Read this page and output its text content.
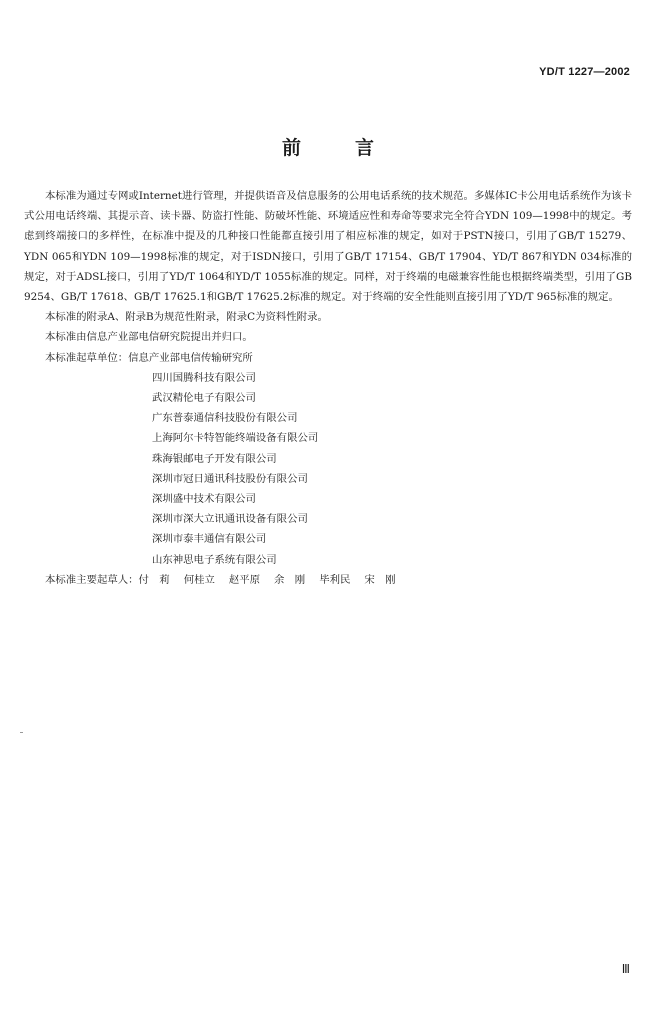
YD/T 1227—2002
前言

本标准为通过专网或Internet进行管理，并提供语音及信息服务的公用电话系统的技术规范。多媒体IC卡公用电话系统作为该卡式公用电话终端、其提示音、读卡器、防盗打性能、防破坏性能、环境适应性和寿命等要求完全符合YDN 109—1998中的规定。考虑到终端接口的多样性，在标准中提及的几种接口性能都直接引用了相应标准的规定，如对于PSTN接口，引用了GB/T 15279、YDN 065和YDN 109—1998标准的规定，对于ISDN接口，引用了GB/T 17154、GB/T 17904、YD/T 867和YDN 034标准的规定，对于ADSL接口，引用了YD/T 1064和YD/T 1055标准的规定。同样，对于终端的电磁兼容性能也根据终端类型，引用了GB 9254、GB/T 17618、GB/T 17625.1和GB/T 17625.2标准的规定。对于终端的安全性能则直接引用了YD/T 965标准的规定。

本标准的附录A、附录B为规范性附录，附录C为资料性附录。

本标准由信息产业部电信研究院提出并归口。

本标准起草单位：信息产业部电信传输研究所

四川国腾科技有限公司

武汉精伦电子有限公司

广东普泰通信科技股份有限公司

上海阿尔卡特智能终端设备有限公司

珠海银邮电子开发有限公司

深圳市冠日通讯科技股份有限公司

深圳盛中技术有限公司

深圳市深大立讯通讯设备有限公司

深圳市泰丰通信有限公司

山东神思电子系统有限公司

本标准主要起草人：付　莉 何桂立 赵平原 余　刚 毕利民 宋　刚

Ⅲ
